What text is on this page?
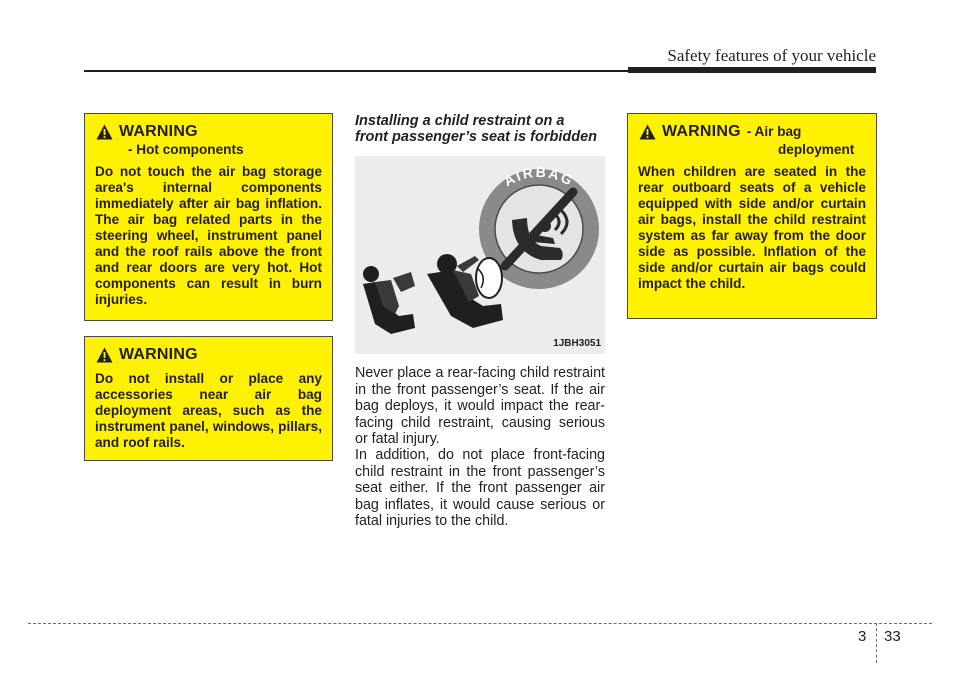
Safety features of your vehicle
WARNING
- Hot components
Do not touch the air bag storage area's internal components immediately after air bag inflation. The air bag related parts in the steering wheel, instrument panel and the roof rails above the front and rear doors are very hot. Hot components can result in burn injuries.
WARNING
Do not install or place any accessories near air bag deployment areas, such as the instrument panel, windows, pillars, and roof rails.
Installing a child restraint on a
front passenger’s seat is forbidden
AIRBAG
1JBH3051

Never place a rear-facing child restraint in the front passenger’s seat. If the air bag deploys, it would impact the rear-facing child restraint, causing serious or fatal injury.

In addition, do not place front-facing child restraint in the front passenger’s seat either. If the front passenger air bag inflates, it would cause serious or fatal injuries to the child.

WARNING - Air bag
deployment
When children are seated in the rear outboard seats of a vehicle equipped with side and/or curtain air bags, install the child restraint system as far away from the door side as possible. Inflation of the side and/or curtain air bags could impact the child.
3 33
